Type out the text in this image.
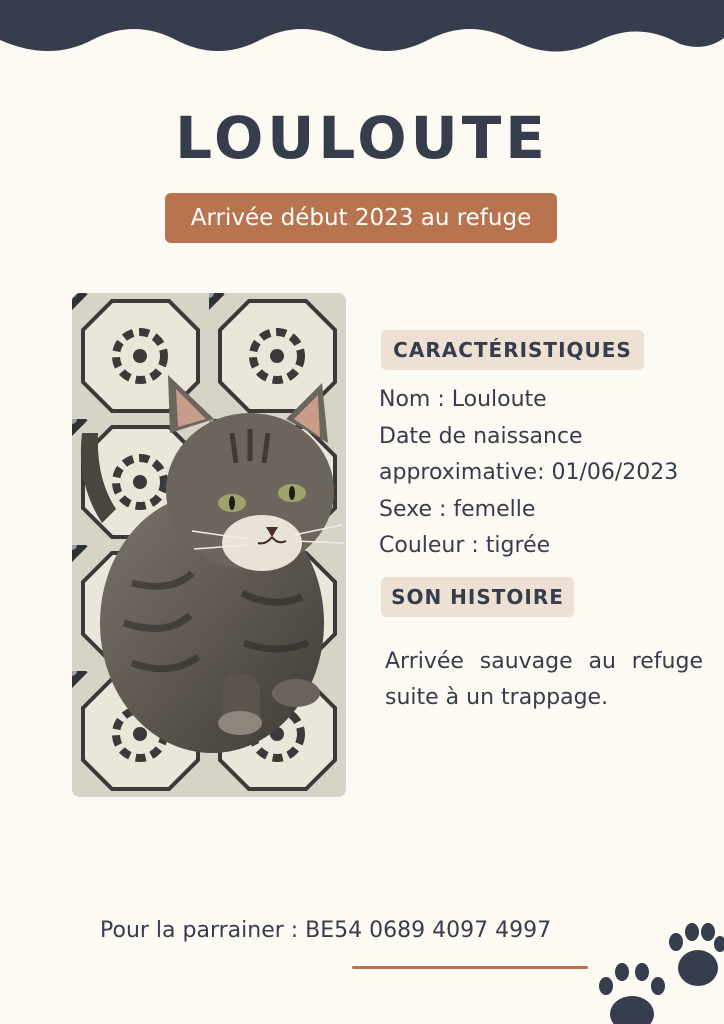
LOULOUTE
Arrivée début 2023 au refuge
CARACTÉRISTIQUES
Nom : Louloute
Date de naissance
approximative: 01/06/2023
Sexe : femelle
Couleur : tigrée
SON HISTOIRE
Arrivée sauvage au refuge suite à un trappage.
Pour la parrainer : BE54 0689 4097 4997
